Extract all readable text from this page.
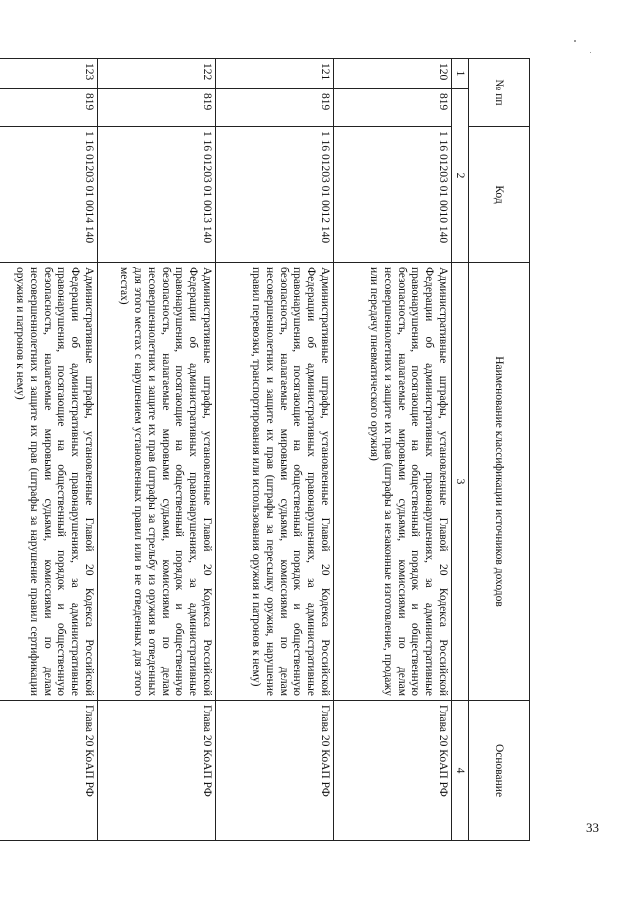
33
№ пп		Код	Наименование классификации источников доходов	Основание
1	2		3	4
120	819	1 16 01203 01 0010 140	Административные штрафы, установленные Главой 20 Кодекса Российской Федерации об административных правонарушениях, за административные правонарушения, посягающие на общественный порядок и общественную безопасность, налагаемые мировыми судьями, комиссиями по делам несовершеннолетних и защите их прав (штрафы за незаконные изготовление, продажу или передачу пневматического оружия)	Глава 20 КоАП РФ
121	819	1 16 01203 01 0012 140	Административные штрафы, установленные Главой 20 Кодекса Российской Федерации об административных правонарушениях, за административные правонарушения, посягающие на общественный порядок и общественную безопасность, налагаемые мировыми судьями, комиссиями по делам несовершеннолетних и защите их прав (штрафы за пересылку оружия, нарушение правил перевозки, транспортирования или использования оружия и патронов к нему)	Глава 20 КоАП РФ
122	819	1 16 01203 01 0013 140	Административные штрафы, установленные Главой 20 Кодекса Российской Федерации об административных правонарушениях, за административные правонарушения, посягающие на общественный порядок и общественную безопасность, налагаемые мировыми судьями, комиссиями по делам несовершеннолетних и защите их прав (штрафы за стрельбу из оружия в отведенных для этого местах с нарушением установленных правил или в не отведенных для этого местах)	Глава 20 КоАП РФ
123	819	1 16 01203 01 0014 140	Административные штрафы, установленные Главой 20 Кодекса Российской Федерации об административных правонарушениях, за административные правонарушения, посягающие на общественный порядок и общественную безопасность, налагаемые мировыми судьями, комиссиями по делам несовершеннолетних и защите их прав (штрафы за нарушение правил сертификации оружия и патронов к нему)	Глава 20 КоАП РФ
